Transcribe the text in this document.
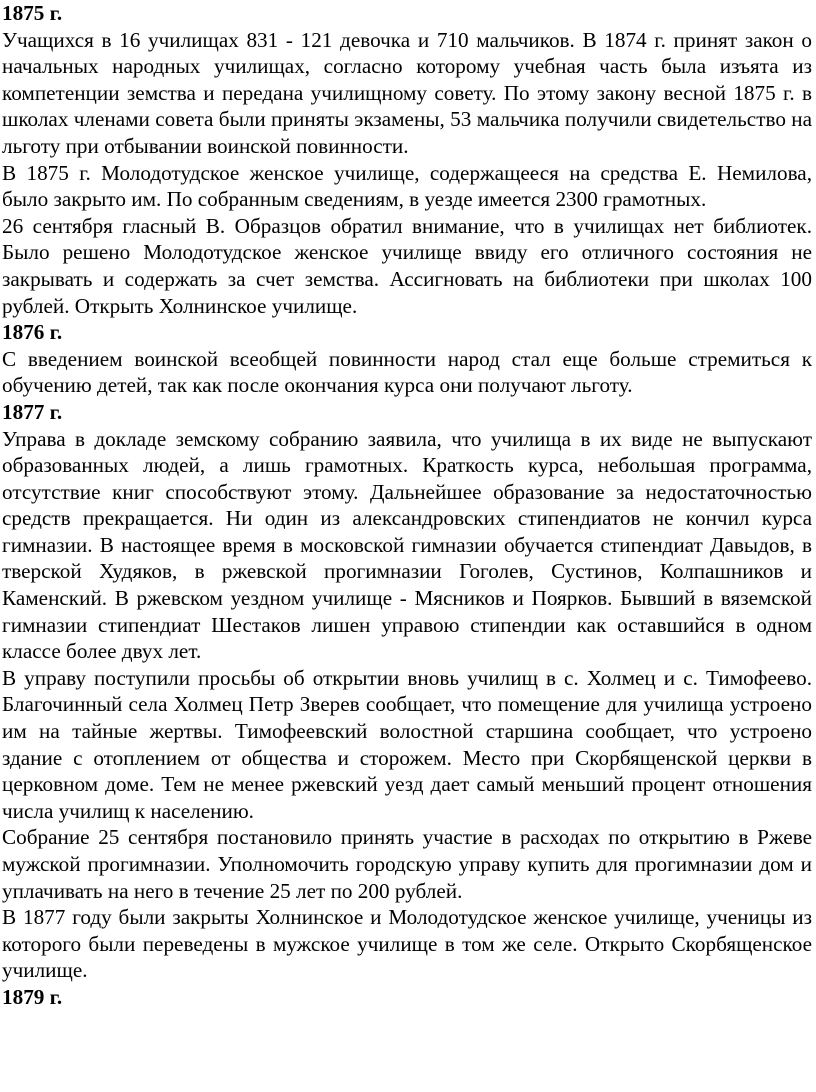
1875 г.

Учащихся в 16 училищах 831 - 121 девочка и 710 мальчиков. В 1874 г. принят закон о начальных народных училищах, согласно которому учебная часть была изъята из компетенции земства и передана училищному совету. По этому закону весной 1875 г. в школах членами совета были приняты экзамены, 53 мальчика получили свидетельство на льготу при отбывании воинской повинности.

В 1875 г. Молодотудское женское училище, содержащееся на средства Е. Немилова, было закрыто им. По собранным сведениям, в уезде имеется 2300 грамотных.

26 сентября гласный В. Образцов обратил внимание, что в училищах нет библиотек. Было решено Молодотудское женское училище ввиду его отличного состояния не закрывать и содержать за счет земства. Ассигновать на библиотеки при школах 100 рублей. Открыть Холнинское училище.

1876 г.

С введением воинской всеобщей повинности народ стал еще больше стремиться к обучению детей, так как после окончания курса они получают льготу.

1877 г.

Управа в докладе земскому собранию заявила, что училища в их виде не выпускают образованных людей, а лишь грамотных. Краткость курса, небольшая программа, отсутствие книг способствуют этому. Дальнейшее образование за недостаточностью средств прекращается. Ни один из александровских стипендиатов не кончил курса гимназии. В настоящее время в московской гимназии обучается стипендиат Давыдов, в тверской Худяков, в ржевской прогимназии Гоголев, Сустинов, Колпашников и Каменский. В ржевском уездном училище - Мясников и Поярков. Бывший в вяземской гимназии стипендиат Шестаков лишен управою стипендии как оставшийся в одном классе более двух лет.

В управу поступили просьбы об открытии вновь училищ в с. Холмец и с. Тимофеево. Благочинный села Холмец Петр Зверев сообщает, что помещение для училища устроено им на тайные жертвы. Тимофеевский волостной старшина сообщает, что устроено здание с отоплением от общества и сторожем. Место при Скорбященской церкви в церковном доме. Тем не менее ржевский уезд дает самый меньший процент отношения числа училищ к населению.

Собрание 25 сентября постановило принять участие в расходах по открытию в Ржеве мужской прогимназии. Уполномочить городскую управу купить для прогимназии дом и уплачивать на него в течение 25 лет по 200 рублей.

В 1877 году были закрыты Холнинское и Молодотудское женское училище, ученицы из которого были переведены в мужское училище в том же селе. Открыто Скорбященское училище.

1879 г.
